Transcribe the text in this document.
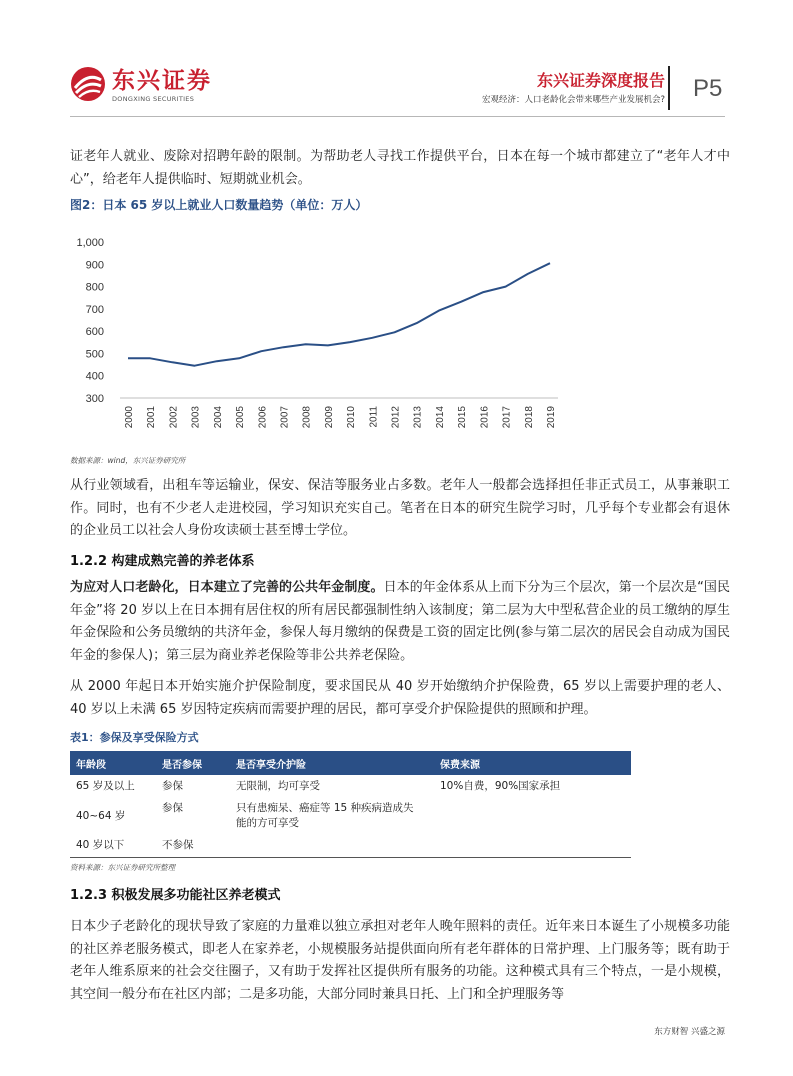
东兴证券
DONGXING SECURITIES
东兴证券深度报告
宏观经济：人口老龄化会带来哪些产业发展机会? P5
证老年人就业、废除对招聘年龄的限制。为帮助老人寻找工作提供平台，日本在每一个城市都建立了“老年人才中心”，给老年人提供临时、短期就业机会。
图2：日本 65 岁以上就业人口数量趋势（单位：万人）
1,000
900
800
700
600
500
400
300
2000 2001 2002 2003 2004 2005 2006 2007 2008 2009 2010 2011 2012 2013 2014 2015 2016 2017 2018 2019
数据来源：wind，东兴证券研究所
从行业领域看，出租车等运输业，保安、保洁等服务业占多数。老年人一般都会选择担任非正式员工，从事兼职工作。同时，也有不少老人走进校园，学习知识充实自己。笔者在日本的研究生院学习时，几乎每个专业都会有退休的企业员工以社会人身份攻读硕士甚至博士学位。
1.2.2 构建成熟完善的养老体系
为应对人口老龄化，日本建立了完善的公共年金制度。日本的年金体系从上而下分为三个层次，第一个层次是“国民年金”将 20 岁以上在日本拥有居住权的所有居民都强制性纳入该制度；第二层为大中型私营企业的员工缴纳的厚生年金保险和公务员缴纳的共济年金，参保人每月缴纳的保费是工资的固定比例(参与第二层次的居民会自动成为国民年金的参保人)；第三层为商业养老保险等非公共养老保险。
从 2000 年起日本开始实施介护保险制度，要求国民从 40 岁开始缴纳介护保险费，65 岁以上需要护理的老人、40 岁以上未满 65 岁因特定疾病而需要护理的居民，都可享受介护保险提供的照顾和护理。
表1：参保及享受保险方式
年龄段	是否参保	是否享受介护险	保费来源
65 岁及以上	参保	无限制，均可享受	10%自费，90%国家承担
40~64 岁	参保	只有患痴呆、癌症等 15 种疾病造成失能的方可享受	
40 岁以下	不参保		
资料来源：东兴证券研究所整理
1.2.3 积极发展多功能社区养老模式
日本少子老龄化的现状导致了家庭的力量难以独立承担对老年人晚年照料的责任。近年来日本诞生了小规模多功能的社区养老服务模式，即老人在家养老，小规模服务站提供面向所有老年群体的日常护理、上门服务等；既有助于老年人维系原来的社会交往圈子，又有助于发挥社区提供所有服务的功能。这种模式具有三个特点，一是小规模，其空间一般分布在社区内部；二是多功能，大部分同时兼具日托、上门和全护理服务等
东方财智 兴盛之源
